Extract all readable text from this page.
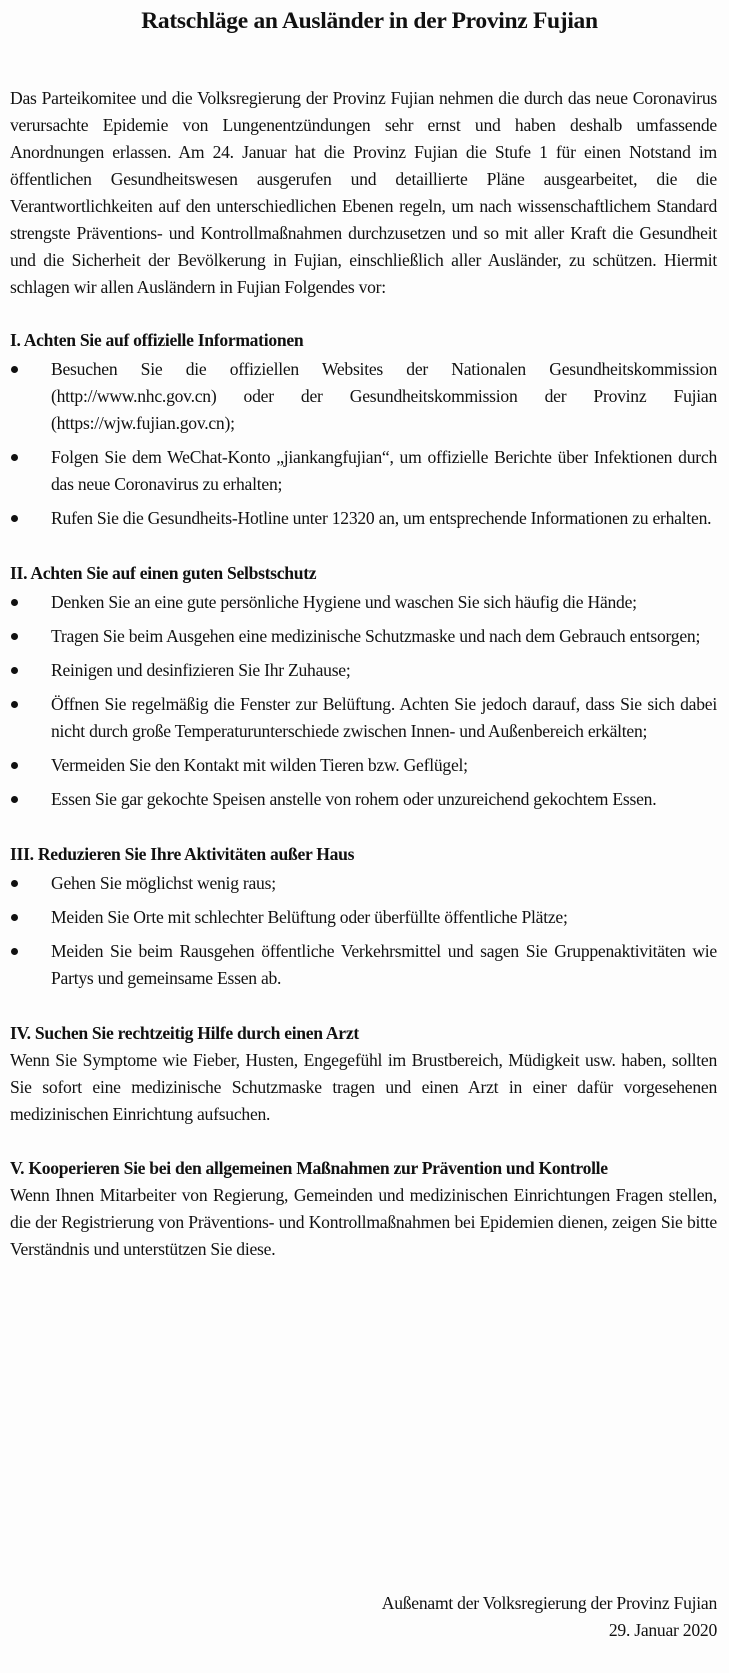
Ratschläge an Ausländer in der Provinz Fujian

Das Parteikomitee und die Volksregierung der Provinz Fujian nehmen die durch das neue Coronavirus verursachte Epidemie von Lungenentzündungen sehr ernst und haben deshalb umfassende Anordnungen erlassen. Am 24. Januar hat die Provinz Fujian die Stufe 1 für einen Notstand im öffentlichen Gesundheitswesen ausgerufen und detaillierte Pläne ausgearbeitet, die die Verantwortlichkeiten auf den unterschiedlichen Ebenen regeln, um nach wissenschaftlichem Standard strengste Präventions- und Kontrollmaßnahmen durchzusetzen und so mit aller Kraft die Gesundheit und die Sicherheit der Bevölkerung in Fujian, einschließlich aller Ausländer, zu schützen. Hiermit schlagen wir allen Ausländern in Fujian Folgendes vor:

I. Achten Sie auf offizielle Informationen

Besuchen Sie die offiziellen Websites der Nationalen Gesundheitskommission (http://www.nhc.gov.cn) oder der Gesundheitskommission der Provinz Fujian (https://wjw.fujian.gov.cn);
Folgen Sie dem WeChat-Konto „jiankangfujian“, um offizielle Berichte über Infektionen durch das neue Coronavirus zu erhalten;
Rufen Sie die Gesundheits-Hotline unter 12320 an, um entsprechende Informationen zu erhalten.

II. Achten Sie auf einen guten Selbstschutz

Denken Sie an eine gute persönliche Hygiene und waschen Sie sich häufig die Hände;
Tragen Sie beim Ausgehen eine medizinische Schutzmaske und nach dem Gebrauch entsorgen;
Reinigen und desinfizieren Sie Ihr Zuhause;
Öffnen Sie regelmäßig die Fenster zur Belüftung. Achten Sie jedoch darauf, dass Sie sich dabei nicht durch große Temperaturunterschiede zwischen Innen- und Außenbereich erkälten;
Vermeiden Sie den Kontakt mit wilden Tieren bzw. Geflügel;
Essen Sie gar gekochte Speisen anstelle von rohem oder unzureichend gekochtem Essen.

III. Reduzieren Sie Ihre Aktivitäten außer Haus

Gehen Sie möglichst wenig raus;
Meiden Sie Orte mit schlechter Belüftung oder überfüllte öffentliche Plätze;
Meiden Sie beim Rausgehen öffentliche Verkehrsmittel und sagen Sie Gruppenaktivitäten wie Partys und gemeinsame Essen ab.

IV. Suchen Sie rechtzeitig Hilfe durch einen Arzt

Wenn Sie Symptome wie Fieber, Husten, Engegefühl im Brustbereich, Müdigkeit usw. haben, sollten Sie sofort eine medizinische Schutzmaske tragen und einen Arzt in einer dafür vorgesehenen medizinischen Einrichtung aufsuchen.

V. Kooperieren Sie bei den allgemeinen Maßnahmen zur Prävention und Kontrolle

Wenn Ihnen Mitarbeiter von Regierung, Gemeinden und medizinischen Einrichtungen Fragen stellen, die der Registrierung von Präventions- und Kontrollmaßnahmen bei Epidemien dienen, zeigen Sie bitte Verständnis und unterstützen Sie diese.

Außenamt der Volksregierung der Provinz Fujian

29. Januar 2020
